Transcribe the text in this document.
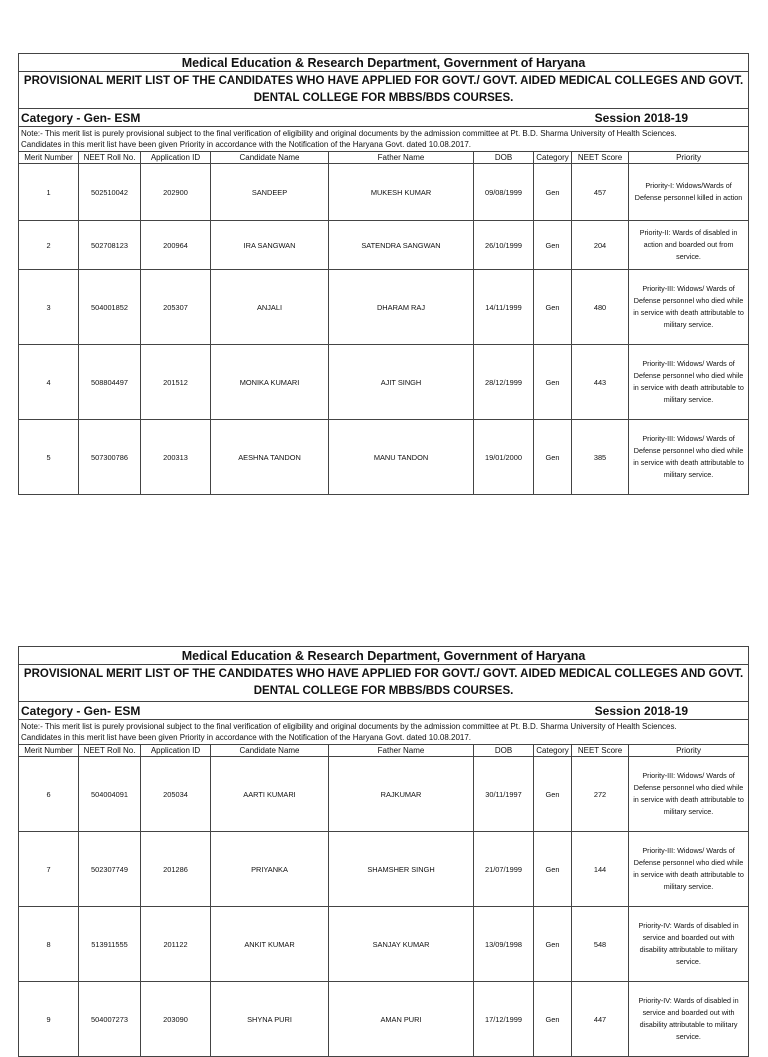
Medical Education & Research Department, Government of Haryana								
PROVISIONAL MERIT LIST OF THE CANDIDATES WHO HAVE APPLIED FOR GOVT./ GOVT. AIDED MEDICAL COLLEGES AND GOVT. DENTAL COLLEGE FOR MBBS/BDS COURSES.								

Category - Gen- ESM Session 2018-19								

Note:- This merit list is purely provisional subject to the final verification of eligibility and original documents by the admission committee at Pt. B.D. Sharma University of Health Sciences.
Candidates in this merit list have been given Priority in accordance with the Notification of the Haryana Govt. dated 10.08.2017.								

Merit Number	NEET Roll No.	Application ID	Candidate Name	Father Name	DOB	Category	NEET Score	Priority
1	502510042	202900	SANDEEP	MUKESH KUMAR	09/08/1999	Gen	457	Priority-I: Widows/Wards of Defense personnel killed in action
2	502708123	200964	IRA SANGWAN	SATENDRA SANGWAN	26/10/1999	Gen	204	Priority-II: Wards of disabled in action and boarded out from service.
3	504001852	205307	ANJALI	DHARAM RAJ	14/11/1999	Gen	480	Priority-III: Widows/ Wards of Defense personnel who died while in service with death attributable to military service.
4	508804497	201512	MONIKA KUMARI	AJIT SINGH	28/12/1999	Gen	443	Priority-III: Widows/ Wards of Defense personnel who died while in service with death attributable to military service.
5	507300786	200313	AESHNA TANDON	MANU TANDON	19/01/2000	Gen	385	Priority-III: Widows/ Wards of Defense personnel who died while in service with death attributable to military service.
Medical Education & Research Department, Government of Haryana								
PROVISIONAL MERIT LIST OF THE CANDIDATES WHO HAVE APPLIED FOR GOVT./ GOVT. AIDED MEDICAL COLLEGES AND GOVT. DENTAL COLLEGE FOR MBBS/BDS COURSES.								

Category - Gen- ESM Session 2018-19								

Note:- This merit list is purely provisional subject to the final verification of eligibility and original documents by the admission committee at Pt. B.D. Sharma University of Health Sciences.
Candidates in this merit list have been given Priority in accordance with the Notification of the Haryana Govt. dated 10.08.2017.								

Merit Number	NEET Roll No.	Application ID	Candidate Name	Father Name	DOB	Category	NEET Score	Priority
6	504004091	205034	AARTI KUMARI	RAJKUMAR	30/11/1997	Gen	272	Priority-III: Widows/ Wards of Defense personnel who died while in service with death attributable to military service.
7	502307749	201286	PRIYANKA	SHAMSHER SINGH	21/07/1999	Gen	144	Priority-III: Widows/ Wards of Defense personnel who died while in service with death attributable to military service.
8	513911555	201122	ANKIT KUMAR	SANJAY KUMAR	13/09/1998	Gen	548	Priority-IV: Wards of disabled in service and boarded out with disability attributable to military service.
9	504007273	203090	SHYNA PURI	AMAN PURI	17/12/1999	Gen	447	Priority-IV: Wards of disabled in service and boarded out with disability attributable to military service.
